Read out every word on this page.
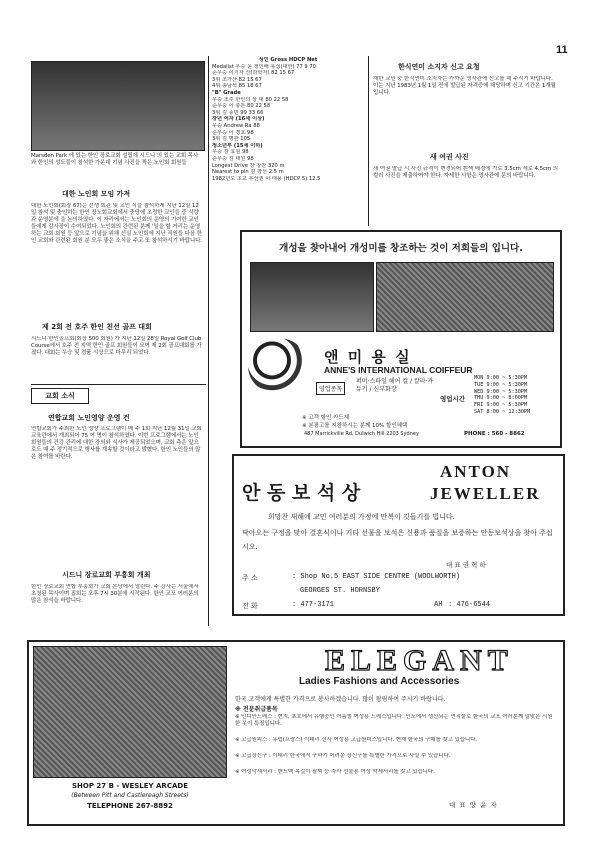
11
Marsden Park 에 있는 한인 장로교회 설립에 시드니 의 있는 교회 목사와 한인의 성도들이 참석한 가운데 기념 사진을 찍은 노인회 회원들
대한 노인회 모임 가져
대한 노인회(회장 67)는 선생 회관 및 교인 식을 참석하게 지난 12일 12일 참석 및 충인하는 한인 장노회교회에서 충당에 초정한 교인들 중 식량과 운영분에 을 논의하였다. 이 자리에서는 노인회의 운영의 기여한 교인들에게 감사장이 수여되었다. 노인회의 관련된 분께 '일을 할 거리는 운영하는 교회 회원 등 앞으로 기념을 위해 선실 노인회에 지난 직원들 다음 한인 교회와 관련된 회원 분 모두 좋은 소식을 주고 또 참석하시기 바랍니다.
제 2회 전 호주 한인 친선 골프 대회
시드니 한인골프회(회장 500 회원) 가 지난 12일 28일 Royal Golf Club Course에서 호주 전 지역 한인 골프 회원들이 모여 제 2회 골프대회를 가졌다. 대회는 우승 및 경품 시상으로 마무리 되었다.
교회 소식
연합교회 노인영양 운영 건
연합교회가 주최한 노인 영양 프로그램이 매 주 1회 지난 12월 31일 교회 교육관에서 개최되어 75 여 명이 참석하였다. 이번 프로그램에서는 노인 회원들의 건강 관리에 대한 강의와 식사가 제공되었으며, 교회 측은 앞으로도 매 주 정기적으로 행사를 계속할 것이라고 밝혔다. 한인 노인들의 많은 참여를 바란다.
시드니 장로교회 부흥회 개최
한인 장로교회 연합 부흥회가 교회 본당에서 열린다. 주 강사는 서울에서 초청된 목사이며 집회는 오후 7시 30분에 시작된다. 한인 교포 여러분의 많은 참석을 바랍니다.
성인 Gross HDCP Net
Medalist 우승 윤 정인배 유성(대한) 77 9 70
준우승 이기자 산(과학자) 82 15 67
3위 조가산 82 15 67
4위 송남석 85 18 67
"B" Grade
우승 조주 한인의 상 대 80 22 58
준우승 이 충돈 80 22 58
3위 김 종민 99 33 66
장년 여자 (16세 이상)
우승 Andrew Ra 88
준우승 이 경호 98
3위 김 명관 105
청소년부 (15세 이하)
우승 김 효원 98
준우승 김 태원 98
Longest Drive 장 창찬 320 m
Nearest to pin 김 창선 2.5 m
1982년도 초교 우선권 이 태용 (HDCP 5) 12.5
한식연미 소지자 신고 요청
재한 교민 중 한식연미 소지자는 가까운 영사관에 신고를 해 주시기 바랍니다. 이는 지난 1983년 1월 1일 전에 발급된 자격증에 해당하며 신고 기간은 1개월입니다.
새 여권 사진
새 여권 발급 시 사진 규격이 변경되어 흰색 배경에 가로 3.5cm 세로 4.5cm 의 컬러 사진을 제출하여야 한다. 자세한 사항은 영사관에 문의 바랍니다.
개성을 찾아내어 개성미를 창조하는 것이 저희들의 입니다.
앤 미 용 실
ANNE'S INTERNATIONAL COIFFEUR
영업종목
퍼머·스타일 헤어 컬 / 칼라·카듀기 / 신부화장
영업시간
MON 9:00 ~ 5:30PM
TUE 9:00 ~ 5:30PM
WED 9:00 ~ 5:30PM
THU 9:00 ~ 8:00PM
FRI 9:00 ~ 5:30PM
SAT 8:00 ~ 12:30PM
※ 고객 할인 카드제
※ 본광고를 지참하시는 분께 10% 할인혜택
487 Marrickville Rd, Dulwich Hill 2203 Sydney	PHONE : 560 - 8862
안 동 보 석 상
ANTON
JEWELLER
희망찬 새해에 교민 여러분의 가정에 만복이 깃들기를 빕니다.
닥아오는 구정을 맞아 결혼식이나 기타 선물을 보석은 신용과 품질을 보증하는 안동보석상을 찾아 주십시오.
대 표 권 혁 하
주 소	: Shop No.5 EAST SIDE CENTRE (WOOLWORTH)
GEORGES ST. HORNSBY
전 화	: 477-3171	AH : 476-6544
SHOP 27 B - WESLEY ARCADE
(Between Pitt and Castlereagh Streets)
TELEPHONE 267-8892
ELEGANT
Ladies Fashions and Accessories
한국 고객에게 특별한 가격으로 봉사하겠습니다. 많이 왕림하여 주시기 바랍니다.
※ 전문취급품목
※ 인디안드레스 : 현지, 초호에서 유행중인 여름철 여성용 드레스입니다. 인도에서 생산되는 면직물로 한국의 교포 여러분께 알맞은 시원한 옷이 특징입니다.
※ 고급원피스 : 유럽(프랑스) 이태리 신사 여성용 고급원피스입니다. 현재 한국의 구매를 찾고 있습니다.
※ 고급장신구 : 이태리 한국에서 구하기 어려운 장신구를 특별한 가격으로 사실 수 있습니다.
※ 여성악세서리 : 핸드백 목걸이 팔찌 등 자사 선물용 여성 악세서리를 찾고 있습니다.
대 표 양 윤 자
